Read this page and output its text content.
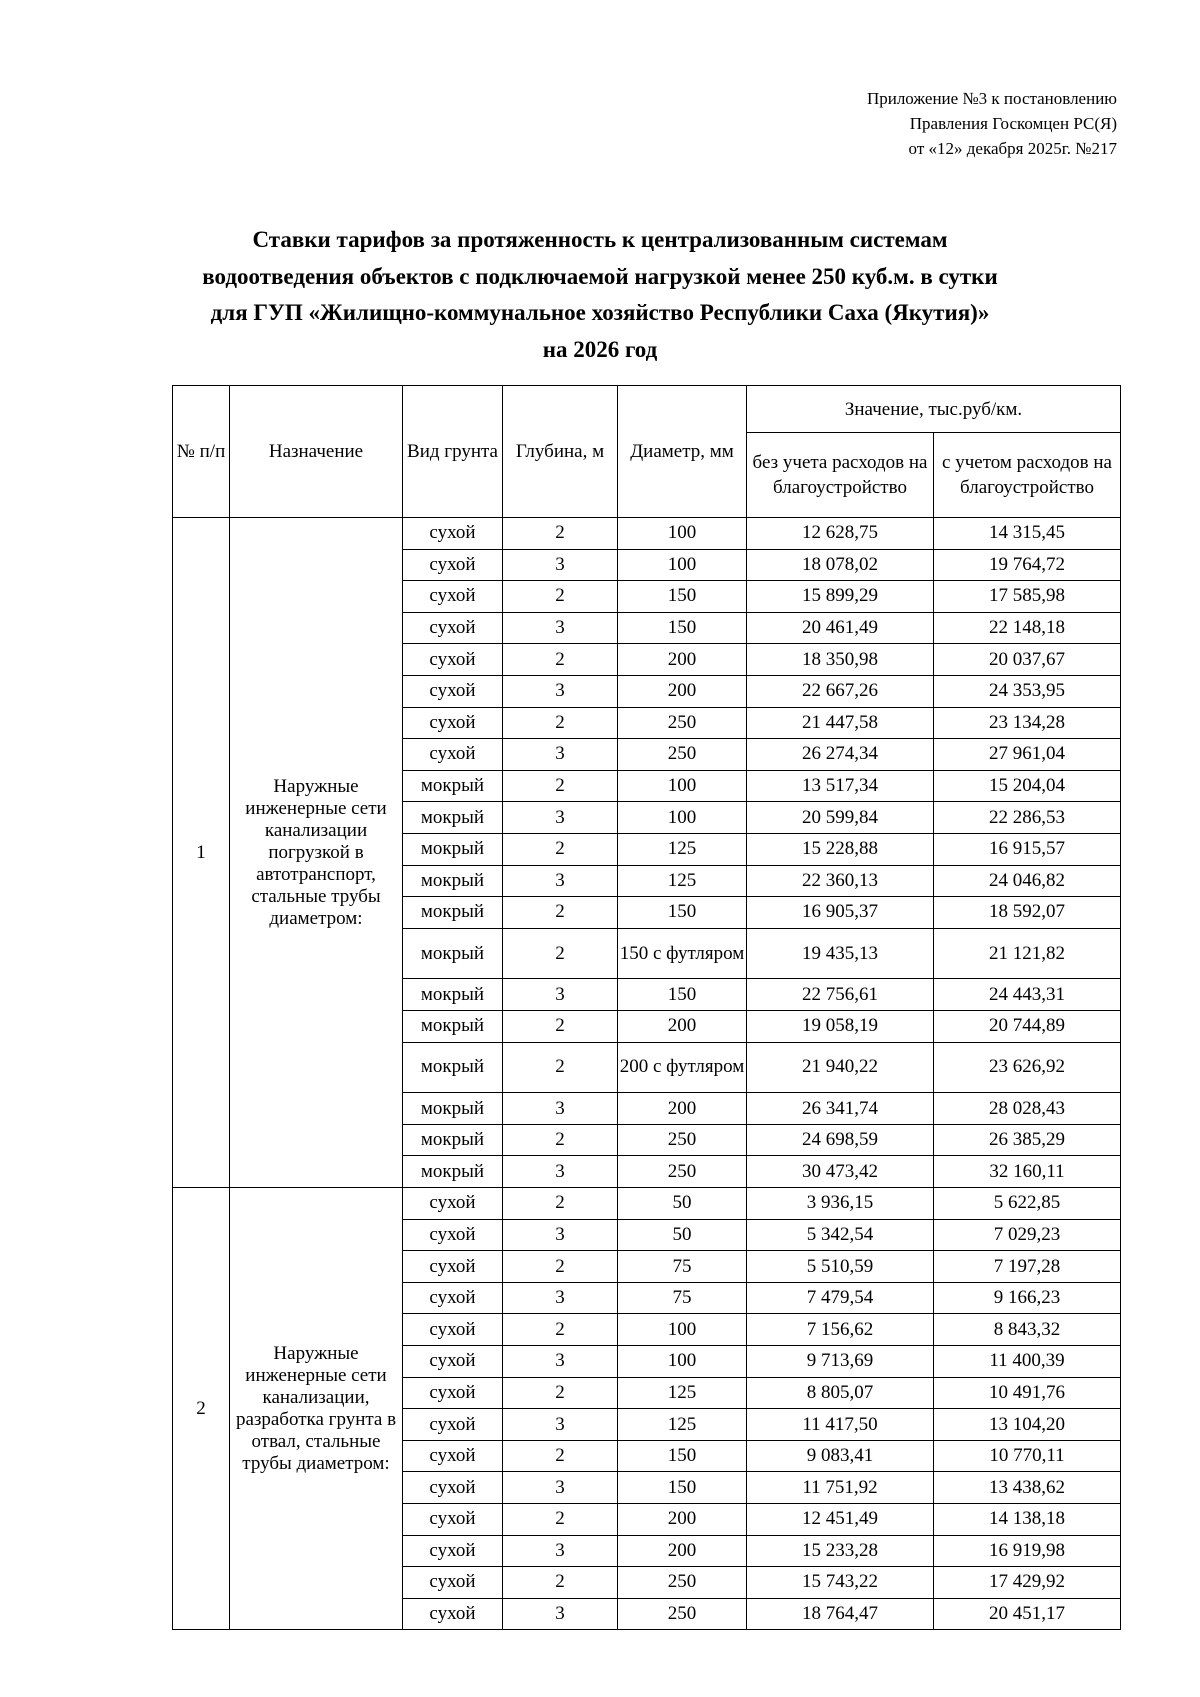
Приложение №3 к постановлению
Правления Госкомцен РС(Я)
от «12» декабря 2025г. №217
Ставки тарифов за протяженность к централизованным системам
водоотведения объектов с подключаемой нагрузкой менее 250 куб.м. в сутки
для ГУП «Жилищно-коммунальное хозяйство Республики Саха (Якутия)»
на 2026 год
№ п/п	Назначение	Вид грунта	Глубина, м	Диаметр, мм	Значение, тыс.руб/км.	
					без учета расходов на благоустройство	с учетом расходов на благоустройство
1	Наружные инженерные сети канализации погрузкой в автотранспорт, стальные трубы диаметром:	сухой	2	100	12 628,75	14 315,45
		сухой	3	100	18 078,02	19 764,72
		сухой	2	150	15 899,29	17 585,98
		сухой	3	150	20 461,49	22 148,18
		сухой	2	200	18 350,98	20 037,67
		сухой	3	200	22 667,26	24 353,95
		сухой	2	250	21 447,58	23 134,28
		сухой	3	250	26 274,34	27 961,04
		мокрый	2	100	13 517,34	15 204,04
		мокрый	3	100	20 599,84	22 286,53
		мокрый	2	125	15 228,88	16 915,57
		мокрый	3	125	22 360,13	24 046,82
		мокрый	2	150	16 905,37	18 592,07
		мокрый	2	150 с футляром	19 435,13	21 121,82
		мокрый	3	150	22 756,61	24 443,31
		мокрый	2	200	19 058,19	20 744,89
		мокрый	2	200 с футляром	21 940,22	23 626,92
		мокрый	3	200	26 341,74	28 028,43
		мокрый	2	250	24 698,59	26 385,29
		мокрый	3	250	30 473,42	32 160,11
2	Наружные инженерные сети канализации, разработка грунта в отвал, стальные трубы диаметром:	сухой	2	50	3 936,15	5 622,85
		сухой	3	50	5 342,54	7 029,23
		сухой	2	75	5 510,59	7 197,28
		сухой	3	75	7 479,54	9 166,23
		сухой	2	100	7 156,62	8 843,32
		сухой	3	100	9 713,69	11 400,39
		сухой	2	125	8 805,07	10 491,76
		сухой	3	125	11 417,50	13 104,20
		сухой	2	150	9 083,41	10 770,11
		сухой	3	150	11 751,92	13 438,62
		сухой	2	200	12 451,49	14 138,18
		сухой	3	200	15 233,28	16 919,98
		сухой	2	250	15 743,22	17 429,92
		сухой	3	250	18 764,47	20 451,17
